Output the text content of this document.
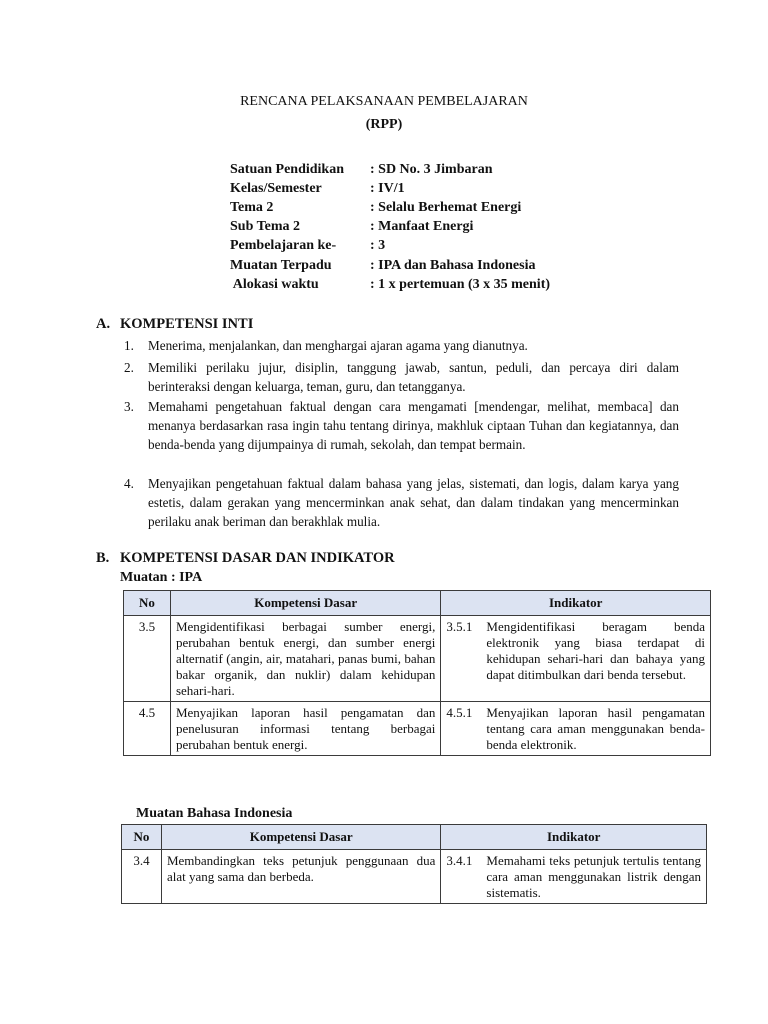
RENCANA PELAKSANAAN PEMBELAJARAN
(RPP)
Satuan Pendidikan : SD No. 3 Jimbaran
Kelas/Semester	: IV/1
Tema 2	: Selalu Berhemat Energi
Sub Tema 2	: Manfaat Energi
Pembelajaran ke- : 3
Muatan Terpadu	: IPA dan Bahasa Indonesia
Alokasi waktu	: 1 x pertemuan (3 x 35 menit)
A. KOMPETENSI INTI
1.	Menerima, menjalankan, dan menghargai ajaran agama yang dianutnya.
2.	Memiliki perilaku jujur, disiplin, tanggung jawab, santun, peduli, dan percaya diri dalam berinteraksi dengan keluarga, teman, guru, dan tetangganya.
3.	Memahami pengetahuan faktual dengan cara mengamati [mendengar, melihat, membaca] dan menanya berdasarkan rasa ingin tahu tentang dirinya, makhluk ciptaan Tuhan dan kegiatannya, dan benda-benda yang dijumpainya di rumah, sekolah, dan tempat bermain.
4.	Menyajikan pengetahuan faktual dalam bahasa yang jelas, sistemati, dan logis, dalam karya yang estetis, dalam gerakan yang mencerminkan anak sehat, dan dalam tindakan yang mencerminkan perilaku anak beriman dan berakhlak mulia.
B. KOMPETENSI DASAR DAN INDIKATOR
Muatan : IPA
No	Kompetensi Dasar	Indikator
3.5	Mengidentifikasi berbagai sumber energi, perubahan bentuk energi, dan sumber energi alternatif (angin, air, matahari, panas bumi, bahan bakar organik, dan nuklir) dalam kehidupan sehari-hari.	3.5.1 Mengidentifikasi beragam benda elektronik yang biasa terdapat di kehidupan sehari-hari dan bahaya yang dapat ditimbulkan dari benda tersebut.

4.5	Menyajikan laporan hasil pengamatan dan penelusuran informasi tentang berbagai perubahan bentuk energi.	4.5.1 Menyajikan laporan hasil pengamatan tentang cara aman menggunakan benda-benda elektronik.
Muatan Bahasa Indonesia
No	Kompetensi Dasar	Indikator
3.4	Membandingkan teks petunjuk penggunaan dua alat yang sama dan berbeda.	3.4.1 Memahami teks petunjuk tertulis tentang cara aman menggunakan listrik dengan sistematis.
